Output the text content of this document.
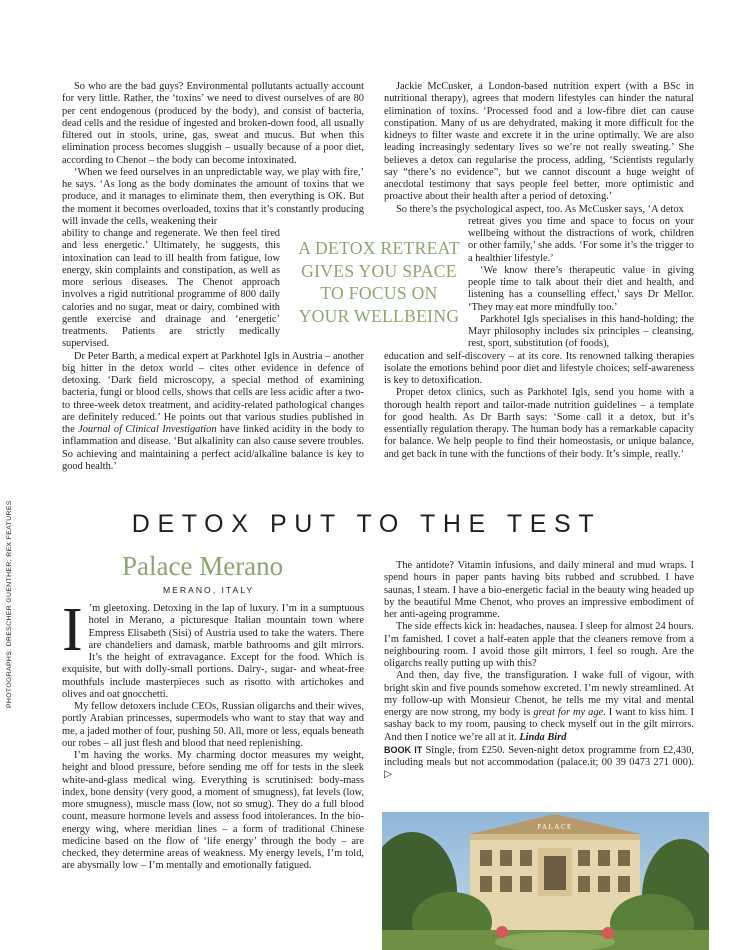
So who are the bad guys? Environmental pollutants actually account for very little. Rather, the ‘toxins’ we need to divest ourselves of are 80 per cent endogenous (produced by the body), and consist of bacteria, dead cells and the residue of ingested and broken-down food, all usually filtered out in stools, urine, gas, sweat and mucus. But when this elimination process becomes sluggish – usually because of a poor diet, according to Chenot – the body can become intoxinated.

‘When we feed ourselves in an unpredictable way, we play with fire,’ he says. ‘As long as the body dominates the amount of toxins that we produce, and it manages to eliminate them, then everything is OK. But the moment it becomes overloaded, toxins that it’s constantly producing will invade the cells, weakening their

ability to change and regenerate. We then feel tired and less energetic.’ Ultimately, he suggests, this intoxination can lead to ill health from fatigue, low energy, skin complaints and constipation, as well as more serious diseases. The Chenot approach involves a rigid nutritional programme of 800 daily calories and no sugar, meat or dairy, combined with gentle exercise and drainage and ‘energetic’ treatments. Patients are strictly medically supervised.

Dr Peter Barth, a medical expert at Parkhotel Igls in Austria – another big hitter in the detox world – cites other evidence in defence of detoxing. ‘Dark field microscopy, a special method of examining bacteria, fungi or blood cells, shows that cells are less acidic after a two- to three-week detox treatment, and acidity-related pathological changes are definitely reduced.’ He points out that various studies published in the Journal of Clinical Investigation have linked acidity in the body to inflammation and disease. ‘But alkalinity can also cause severe troubles. So achieving and maintaining a perfect acid/alkaline balance is key to good health.’

A DETOX RETREAT GIVES YOU SPACE TO FOCUS ON YOUR WELLBEING

Jackie McCusker, a London-based nutrition expert (with a BSc in nutritional therapy), agrees that modern lifestyles can hinder the natural elimination of toxins. ‘Processed food and a low-fibre diet can cause constipation. Many of us are dehydrated, making it more difficult for the kidneys to filter waste and excrete it in the urine optimally. We are also leading increasingly sedentary lives so we’re not really sweating.’ She believes a detox can regularise the process, adding, ‘Scientists regularly say “there’s no evidence”, but we cannot discount a huge weight of anecdotal testimony that says people feel better, more optimistic and proactive about their health after a period of detoxing.’

So there’s the psychological aspect, too. As McCusker says, ‘A detox

retreat gives you time and space to focus on your wellbeing without the distractions of work, children or other family,’ she adds. ‘For some it’s the trigger to a healthier lifestyle.’

‘We know there’s therapeutic value in giving people time to talk about their diet and health, and listening has a counselling effect,’ says Dr Mellor. ‘They may eat more mindfully too.’

Parkhotel Igls specialises in this hand-holding; the Mayr philosophy includes six principles – cleansing, rest, sport, substitution (of foods),

education and self-discovery – at its core. Its renowned talking therapies isolate the emotions behind poor diet and lifestyle choices; self-awareness is key to detoxification.

Proper detox clinics, such as Parkhotel Igls, send you home with a thorough health report and tailor-made nutrition guidelines – a template for good health. As Dr Barth says: ‘Some call it a detox, but it’s essentially regulation therapy. The human body has a remarkable capacity for balance. We help people to find their homeostasis, or unique balance, and get back in tune with the functions of their body. It’s simple, really.’

DETOX PUT TO THE TEST
Palace Merano
MERANO, ITALY

I ’m gleetoxing. Detoxing in the lap of luxury. I’m in a sumptuous hotel in Merano, a picturesque Italian mountain town where Empress Elisabeth (Sisi) of Austria used to take the waters. There are chandeliers and damask, marble bathrooms and gilt mirrors. It’s the height of extravagance. Except for the food. Which is exquisite, but with dolly-small portions. Dairy-, sugar- and wheat-free mouthfuls include masterpieces such as risotto with artichokes and olives and oat gnocchetti.

My fellow detoxers include CEOs, Russian oligarchs and their wives, portly Arabian princesses, supermodels who want to stay that way and me, a jaded mother of four, pushing 50. All, more or less, equals beneath our robes – all just flesh and blood that need replenishing.

I’m having the works. My charming doctor measures my weight, height and blood pressure, before sending me off for tests in the sleek white-and-glass medical wing. Everything is scrutinised: body-mass index, bone density (very good, a moment of smugness), fat levels (low, more smugness), muscle mass (low, not so smug). They do a full blood count, measure hormone levels and assess food intolerances. In the bio-energy wing, where meridian lines – a form of traditional Chinese medicine based on the flow of ‘life energy’ through the body – are checked, they determine areas of weakness. My energy levels, I’m told, are abysmally low – I’m mentally and emotionally fatigued.

The antidote? Vitamin infusions, and daily mineral and mud wraps. I spend hours in paper pants having bits rubbed and scrubbed. I have saunas, I steam. I have a bio-energetic facial in the beauty wing headed up by the beautiful Mme Chenot, who proves an impressive embodiment of her anti-ageing programme.

The side effects kick in: headaches, nausea. I sleep for almost 24 hours. I’m famished. I covet a half-eaten apple that the cleaners remove from a neighbouring room. I avoid those gilt mirrors, I feel so rough. Are the oligarchs really putting up with this?

And then, day five, the transfiguration. I wake full of vigour, with bright skin and five pounds somehow excreted. I’m newly streamlined. At my follow-up with Monsieur Chenot, he tells me my vital and mental energy are now strong, my body is great for my age. I want to kiss him. I sashay back to my room, pausing to check myself out in the gilt mirrors. And then I notice we’re all at it. Linda Bird

BOOK IT Single, from £250. Seven-night detox programme from £2,430, including meals but not accommodation (palace.it; 00 39 0473 271 000). ▷

PALACE
PHOTOGRAPHS: DRESCHER GUENTHER; REX FEATURES
